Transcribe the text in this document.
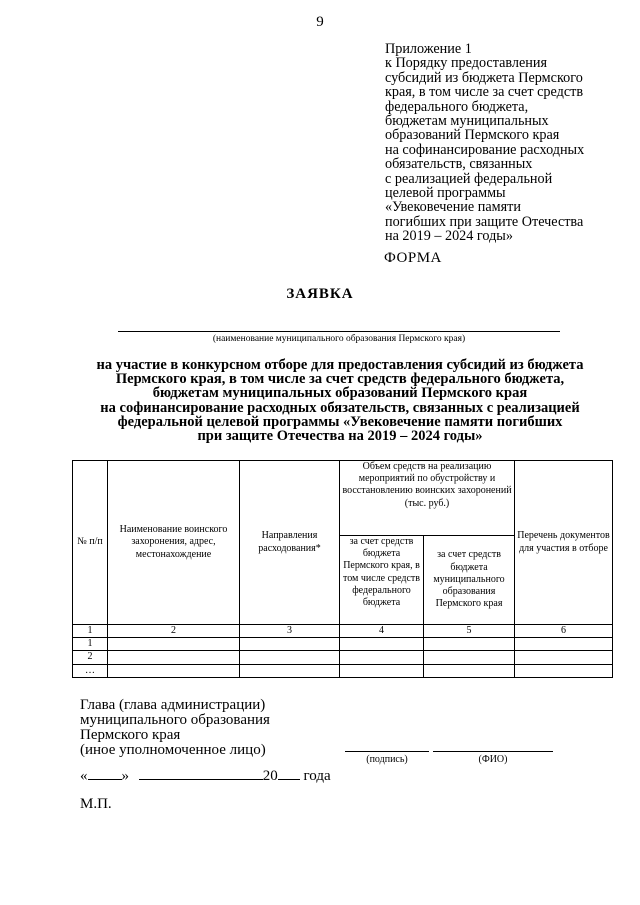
9
Приложение 1
к Порядку предоставления
субсидий из бюджета Пермского
края, в том числе за счет средств
федерального бюджета,
бюджетам муниципальных
образований Пермского края
на софинансирование расходных
обязательств, связанных
с реализацией федеральной
целевой программы
«Увековечение памяти
погибших при защите Отечества
на 2019 – 2024 годы»
ФОРМА
ЗАЯВКА
(наименование муниципального образования Пермского края)
на участие в конкурсном отборе для предоставления субсидий из бюджета
Пермского края, в том числе за счет средств федерального бюджета,
бюджетам муниципальных образований Пермского края
на софинансирование расходных обязательств, связанных с реализацией
федеральной целевой программы «Увековечение памяти погибших
при защите Отечества на 2019 – 2024 годы»
№ п/п	Наименование воинского захоронения, адрес, местонахождение	Направления расходования*	Объем средств на реализацию мероприятий по обустройству и восстановлению воинских захоронений (тыс. руб.)		Перечень документов для участия в отборе
			за счет средств бюджета Пермского края, в том числе средств федерального бюджета	за счет средств бюджета муниципального образования Пермского края	
1	2	3	4	5	6
1					
2					
…					
Глава (глава администрации)
муниципального образования
Пермского края
(иное уполномоченное лицо)
(подпись)	(ФИО)
« »	20 года
М.П.
